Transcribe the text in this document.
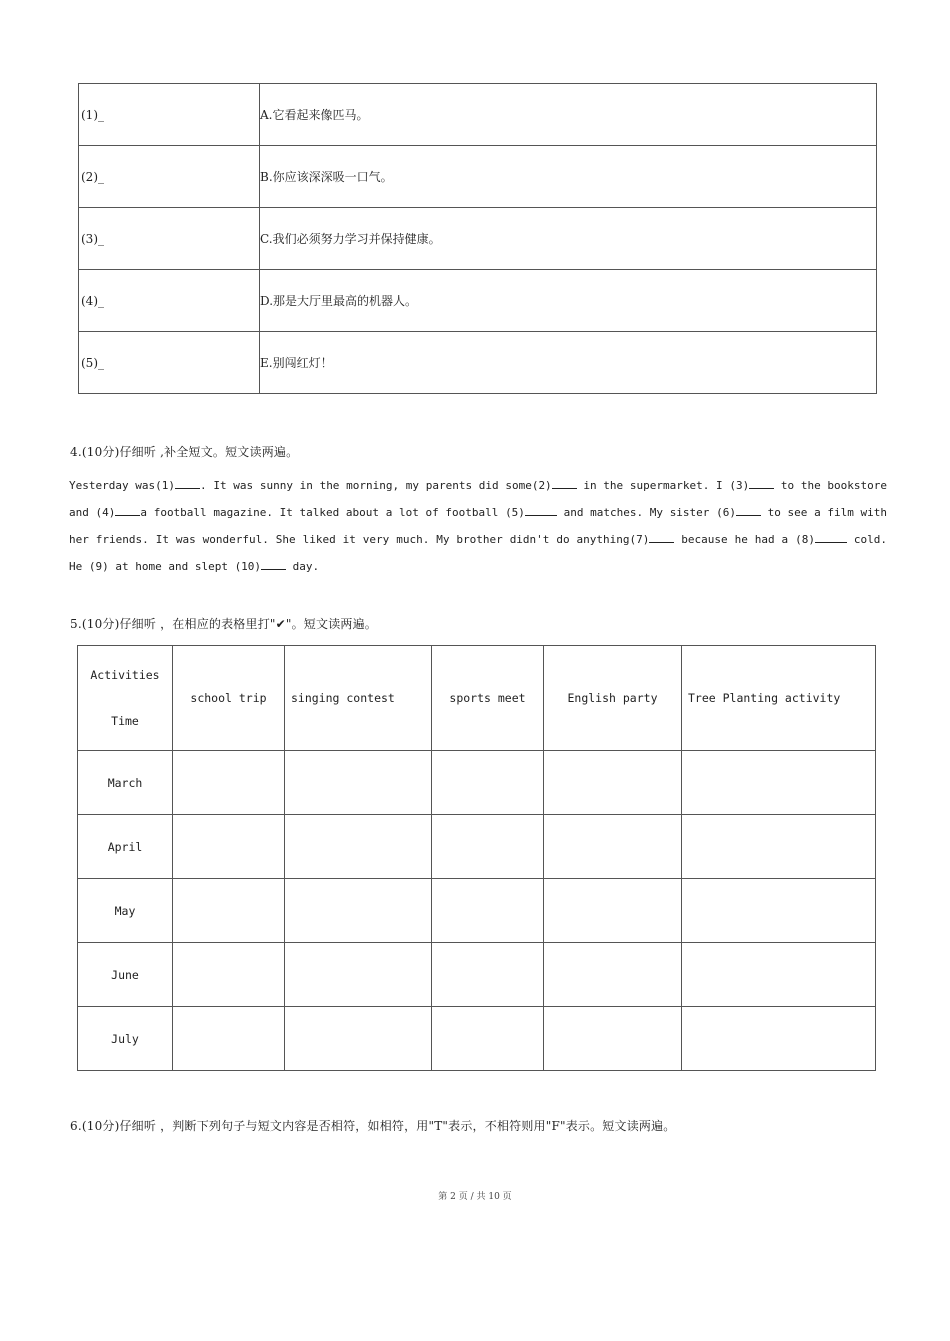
(1)_	A.它看起来像匹马。
(2)_	B.你应该深深吸一口气。
(3)_	C.我们必须努力学习并保持健康。
(4)_	D.那是大厅里最高的机器人。
(5)_	E.别闯红灯！
4.(10分)仔细听 ,补全短文。短文读两遍。
Yesterday was(1) . It was sunny in the morning, my parents did some(2) in the supermarket. I (3) to the bookstore and (4) a football magazine. It talked about a lot of football (5)	and matches. My sister (6) to see a film with her friends. It was wonderful. She liked it very much. My brother didn't do anything(7) because he had a (8)	cold. He (9) at home and slept (10) day.
5.(10分)仔细听 ，在相应的表格里打"✔"。短文读两遍。
Activities
Time	school trip	singing contest	sports meet	English party	Tree Planting activity
March					
April					
May					
June					
July					
6.(10分)仔细听 ，判断下列句子与短文内容是否相符，如相符，用"T"表示，不相符则用"F"表示。短文读两遍。
第 2 页 / 共 10 页
